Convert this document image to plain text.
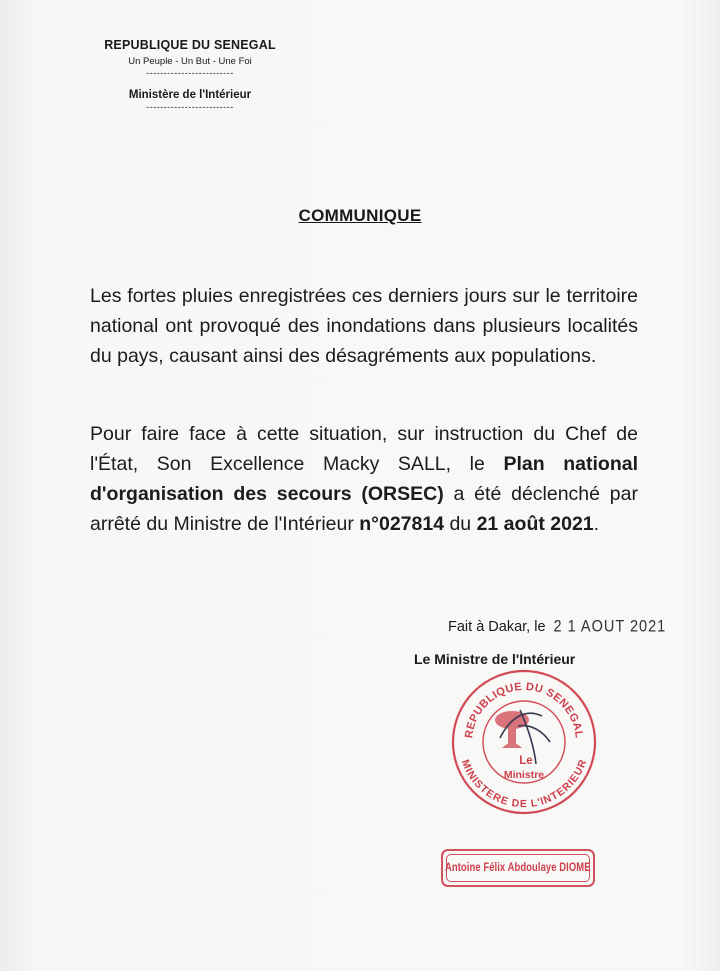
REPUBLIQUE DU SENEGAL
Un Peuple - Un But - Une Foi
-------------------------
Ministère de l'Intérieur
-------------------------
COMMUNIQUE
Les fortes pluies enregistrées ces derniers jours sur le territoire national ont provoqué des inondations dans plusieurs localités du pays, causant ainsi des désagréments aux populations.
Pour faire face à cette situation, sur instruction du Chef de l'État, Son Excellence Macky SALL, le Plan national d'organisation des secours (ORSEC) a été déclenché par arrêté du Ministre de l'Intérieur n°027814 du 21 août 2021.
Fait à Dakar, le 2 1 AOUT 2021
Le Ministre de l'Intérieur
REPUBLIQUE DU SENEGAL
MINISTERE DE L'INTERIEUR
Le
Ministre
Antoine Félix Abdoulaye DIOME
